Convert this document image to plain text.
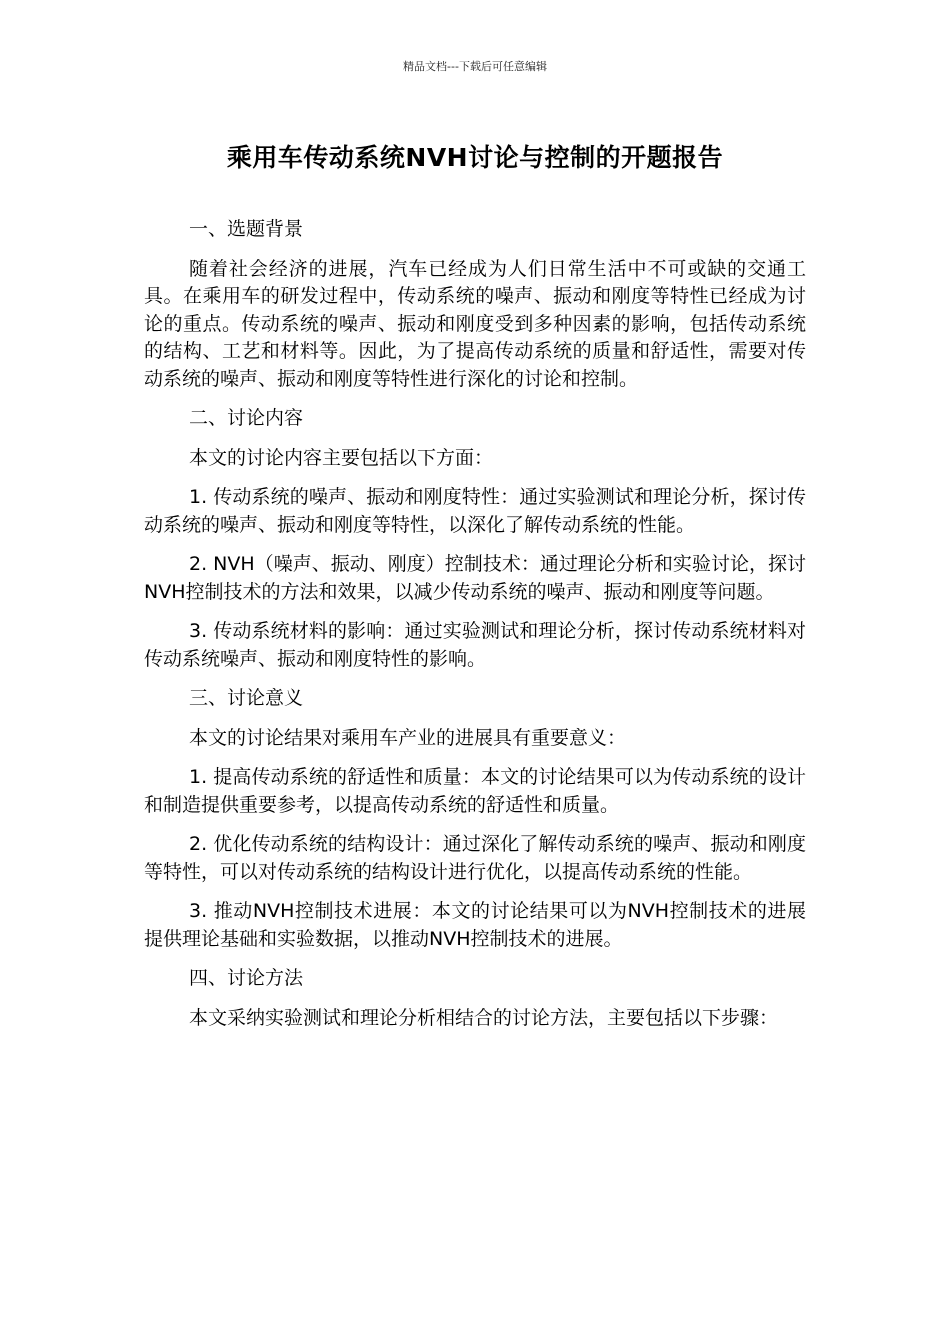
精品文档---下载后可任意编辑
乘用车传动系统NVH讨论与控制的开题报告

一、选题背景

随着社会经济的进展，汽车已经成为人们日常生活中不可或缺的交通工具。在乘用车的研发过程中，传动系统的噪声、振动和刚度等特性已经成为讨论的重点。传动系统的噪声、振动和刚度受到多种因素的影响，包括传动系统的结构、工艺和材料等。因此，为了提高传动系统的质量和舒适性，需要对传动系统的噪声、振动和刚度等特性进行深化的讨论和控制。

二、讨论内容

本文的讨论内容主要包括以下方面：

1. 传动系统的噪声、振动和刚度特性：通过实验测试和理论分析，探讨传动系统的噪声、振动和刚度等特性，以深化了解传动系统的性能。

2. NVH（噪声、振动、刚度）控制技术：通过理论分析和实验讨论，探讨NVH控制技术的方法和效果，以减少传动系统的噪声、振动和刚度等问题。

3. 传动系统材料的影响：通过实验测试和理论分析，探讨传动系统材料对传动系统噪声、振动和刚度特性的影响。

三、讨论意义

本文的讨论结果对乘用车产业的进展具有重要意义：

1. 提高传动系统的舒适性和质量：本文的讨论结果可以为传动系统的设计和制造提供重要参考，以提高传动系统的舒适性和质量。

2. 优化传动系统的结构设计：通过深化了解传动系统的噪声、振动和刚度等特性，可以对传动系统的结构设计进行优化，以提高传动系统的性能。

3. 推动NVH控制技术进展：本文的讨论结果可以为NVH控制技术的进展提供理论基础和实验数据，以推动NVH控制技术的进展。

四、讨论方法

本文采纳实验测试和理论分析相结合的讨论方法，主要包括以下步骤：
